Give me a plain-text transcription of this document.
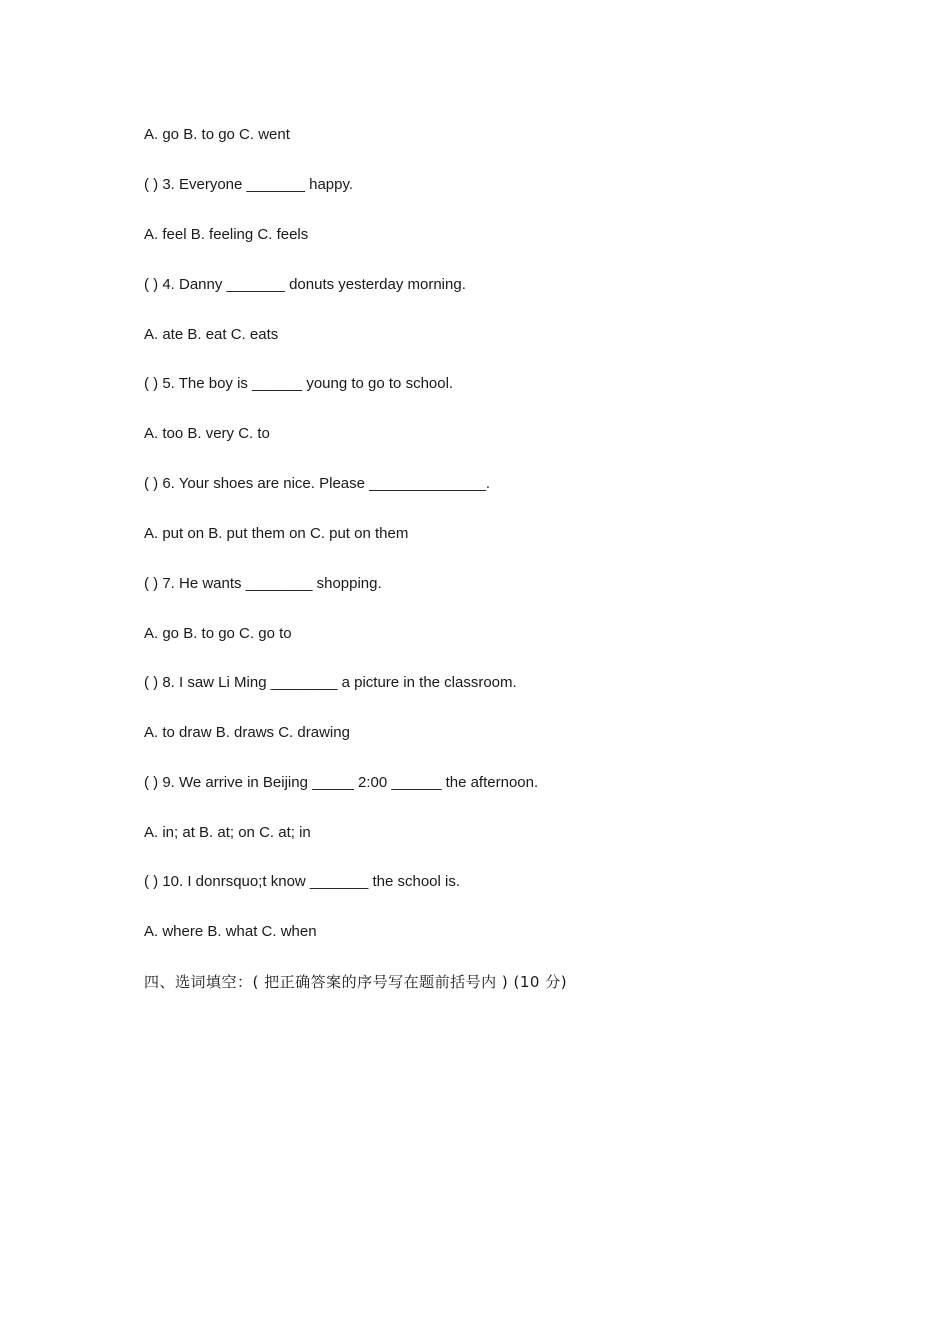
A. go B. to go C. went
( ) 3. Everyone _______ happy.
A. feel B. feeling C. feels
( ) 4. Danny _______ donuts yesterday morning.
A. ate B. eat C. eats
( ) 5. The boy is ______ young to go to school.
A. too B. very C. to
( ) 6. Your shoes are nice. Please ______________.
A. put on B. put them on C. put on them
( ) 7. He wants ________ shopping.
A. go B. to go C. go to
( ) 8. I saw Li Ming ________ a picture in the classroom.
A. to draw B. draws C. drawing
( ) 9. We arrive in Beijing _____ 2:00 ______ the afternoon.
A. in; at B. at; on C. at; in
( ) 10. I donrsquo;t know _______ the school is.
A. where B. what C. when
四、选词填空：( 把正确答案的序号写在题前括号内 ) (10 分)
